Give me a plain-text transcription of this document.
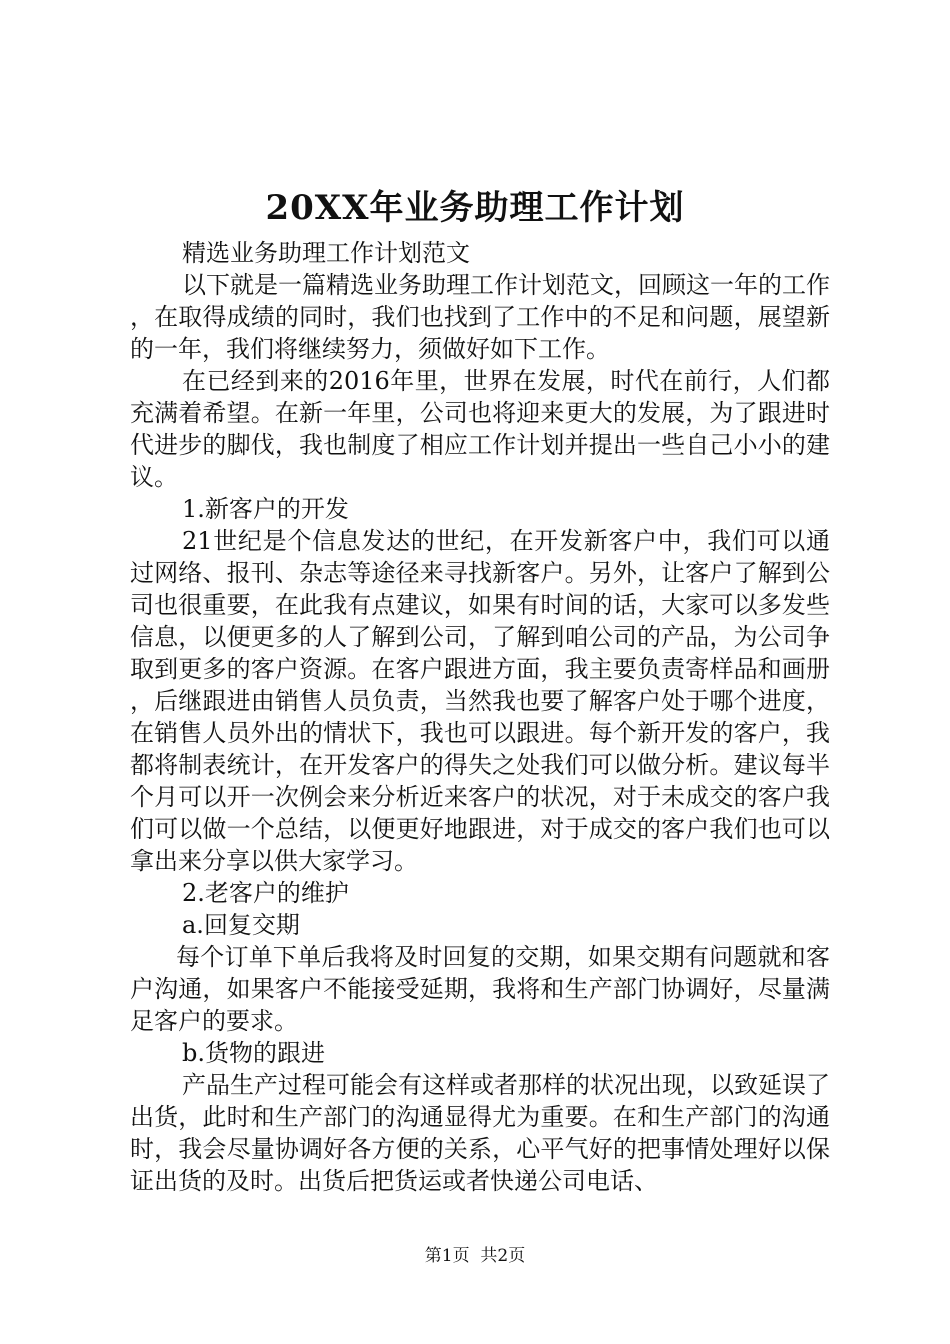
20XX年业务助理工作计划

精选业务助理工作计划范文

以下就是一篇精选业务助理工作计划范文，回顾这一年的工作，在取得成绩的同时，我们也找到了工作中的不足和问题，展望新的一年，我们将继续努力，须做好如下工作。

在已经到来的2016年里，世界在发展，时代在前行，人们都充满着希望。在新一年里，公司也将迎来更大的发展，为了跟进时代进步的脚伐，我也制度了相应工作计划并提出一些自己小小的建议。

1.新客户的开发

21世纪是个信息发达的世纪，在开发新客户中，我们可以通过网络、报刊、杂志等途径来寻找新客户。另外，让客户了解到公司也很重要，在此我有点建议，如果有时间的话，大家可以多发些信息，以便更多的人了解到公司，了解到咱公司的产品，为公司争取到更多的客户资源。在客户跟进方面，我主要负责寄样品和画册，后继跟进由销售人员负责，当然我也要了解客户处于哪个进度，在销售人员外出的情状下，我也可以跟进。每个新开发的客户，我都将制表统计，在开发客户的得失之处我们可以做分析。建议每半个月可以开一次例会来分析近来客户的状况，对于未成交的客户我们可以做一个总结，以便更好地跟进，对于成交的客户我们也可以拿出来分享以供大家学习。

2.老客户的维护

a.回复交期

每个订单下单后我将及时回复的交期，如果交期有问题就和客户沟通，如果客户不能接受延期，我将和生产部门协调好，尽量满足客户的要求。

b.货物的跟进

产品生产过程可能会有这样或者那样的状况出现，以致延误了出货，此时和生产部门的沟通显得尤为重要。在和生产部门的沟通时，我会尽量协调好各方便的关系，心平气好的把事情处理好以保证出货的及时。出货后把货运或者快递公司电话、

第1页 共2页
